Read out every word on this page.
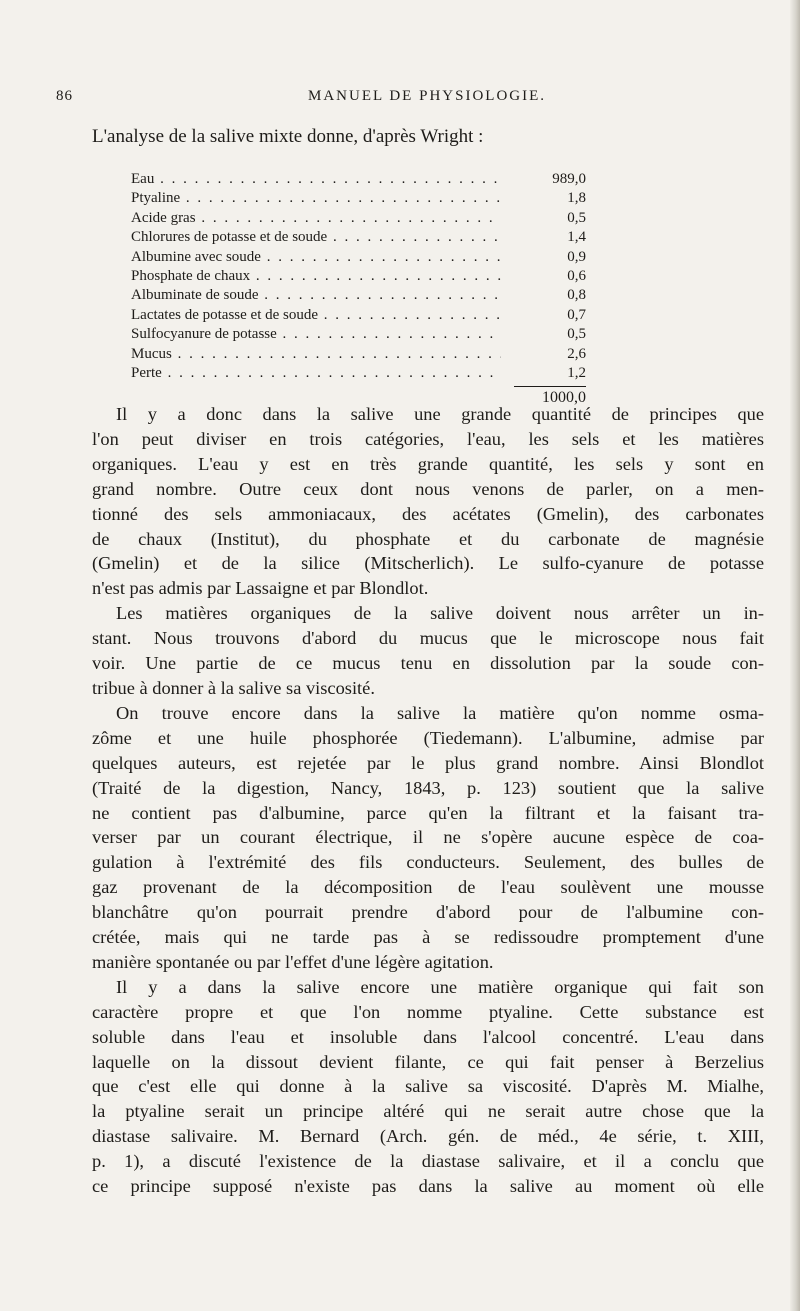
86	MANUEL DE PHYSIOLOGIE.
L'analyse de la salive mixte donne, d'après Wright :
Eau . . .	989,0
Ptyaline . . .	1,8
Acide gras . . .	0,5
Chlorures de potasse et de soude . . .	1,4
Albumine avec soude . . .	0,9
Phosphate de chaux . . .	0,6
Albuminate de soude . . .	0,8
Lactates de potasse et de soude . . .	0,7
Sulfocyanure de potasse . . .	0,5
Mucus . . .	2,6
Perte . . .	1,2
1000,0
Il y a donc dans la salive une grande quantité de principes que
l'on peut diviser en trois catégories, l'eau, les sels et les matières
organiques. L'eau y est en très grande quantité, les sels y sont en
grand nombre. Outre ceux dont nous venons de parler, on a men-
tionné des sels ammoniacaux, des acétates (Gmelin), des carbonates
de chaux (Institut), du phosphate et du carbonate de magnésie
(Gmelin) et de la silice (Mitscherlich). Le sulfo-cyanure de potasse
n'est pas admis par Lassaigne et par Blondlot.
Les matières organiques de la salive doivent nous arrêter un in-
stant. Nous trouvons d'abord du mucus que le microscope nous fait
voir. Une partie de ce mucus tenu en dissolution par la soude con-
tribue à donner à la salive sa viscosité.
On trouve encore dans la salive la matière qu'on nomme osma-
zôme et une huile phosphorée (Tiedemann). L'albumine, admise par
quelques auteurs, est rejetée par le plus grand nombre. Ainsi Blondlot
(Traité de la digestion, Nancy, 1843, p. 123) soutient que la salive
ne contient pas d'albumine, parce qu'en la filtrant et la faisant tra-
verser par un courant électrique, il ne s'opère aucune espèce de coa-
gulation à l'extrémité des fils conducteurs. Seulement, des bulles de
gaz provenant de la décomposition de l'eau soulèvent une mousse
blanchâtre qu'on pourrait prendre d'abord pour de l'albumine con-
crétée, mais qui ne tarde pas à se redissoudre promptement d'une
manière spontanée ou par l'effet d'une légère agitation.
Il y a dans la salive encore une matière organique qui fait son
caractère propre et que l'on nomme ptyaline. Cette substance est
soluble dans l'eau et insoluble dans l'alcool concentré. L'eau dans
laquelle on la dissout devient filante, ce qui fait penser à Berzelius
que c'est elle qui donne à la salive sa viscosité. D'après M. Mialhe,
la ptyaline serait un principe altéré qui ne serait autre chose que la
diastase salivaire. M. Bernard (Arch. gén. de méd., 4e série, t. XIII,
p. 1), a discuté l'existence de la diastase salivaire, et il a conclu que
ce principe supposé n'existe pas dans la salive au moment où elle
